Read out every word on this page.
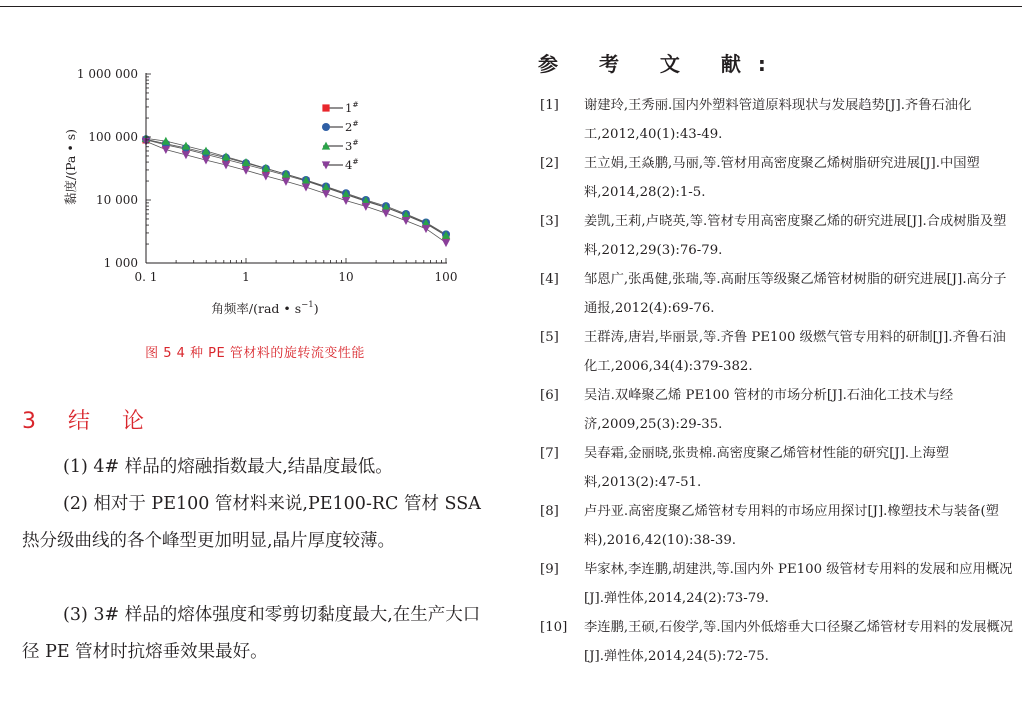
1 000 000
100 000
10 000
1 000
0. 1	1	10	100
角频率/(rad • $s^{-1}$)
黏度/(Pa • s)
1#
2#
3#
4#
图 5 4 种 PE 管材料的旋转流变性能
3  结  论
(1) 4# 样品的熔融指数最大,结晶度最低。
(2) 相对于 PE100 管材料来说,PE100-RC 管材 SSA 热分级曲线的各个峰型更加明显,晶片厚度较薄。
(3) 3# 样品的熔体强度和零剪切黏度最大,在生产大口径 PE 管材时抗熔垂效果最好。
参 考 文 献:
[1] 谢建玲,王秀丽.国内外塑料管道原料现状与发展趋势[J].齐鲁石油化工,2012,40(1):43-49.
[2] 王立娟,王焱鹏,马丽,等.管材用高密度聚乙烯树脂研究进展[J].中国塑料,2014,28(2):1-5.
[3] 姜凯,王莉,卢晓英,等.管材专用高密度聚乙烯的研究进展[J].合成树脂及塑料,2012,29(3):76-79.
[4] 邹恩广,张禹健,张瑞,等.高耐压等级聚乙烯管材树脂的研究进展[J].高分子通报,2012(4):69-76.
[5] 王群涛,唐岩,毕丽景,等.齐鲁 PE100 级燃气管专用料的研制[J].齐鲁石油化工,2006,34(4):379-382.
[6] 吴洁.双峰聚乙烯 PE100 管材的市场分析[J].石油化工技术与经济,2009,25(3):29-35.
[7] 吴春霜,金丽晓,张贵棉.高密度聚乙烯管材性能的研究[J].上海塑料,2013(2):47-51.
[8] 卢丹亚.高密度聚乙烯管材专用料的市场应用探讨[J].橡塑技术与装备(塑料),2016,42(10):38-39.
[9] 毕家林,李连鹏,胡建洪,等.国内外 PE100 级管材专用料的发展和应用概况[J].弹性体,2014,24(2):73-79.
[10] 李连鹏,王硕,石俊学,等.国内外低熔垂大口径聚乙烯管材专用料的发展概况[J].弹性体,2014,24(5):72-75.
